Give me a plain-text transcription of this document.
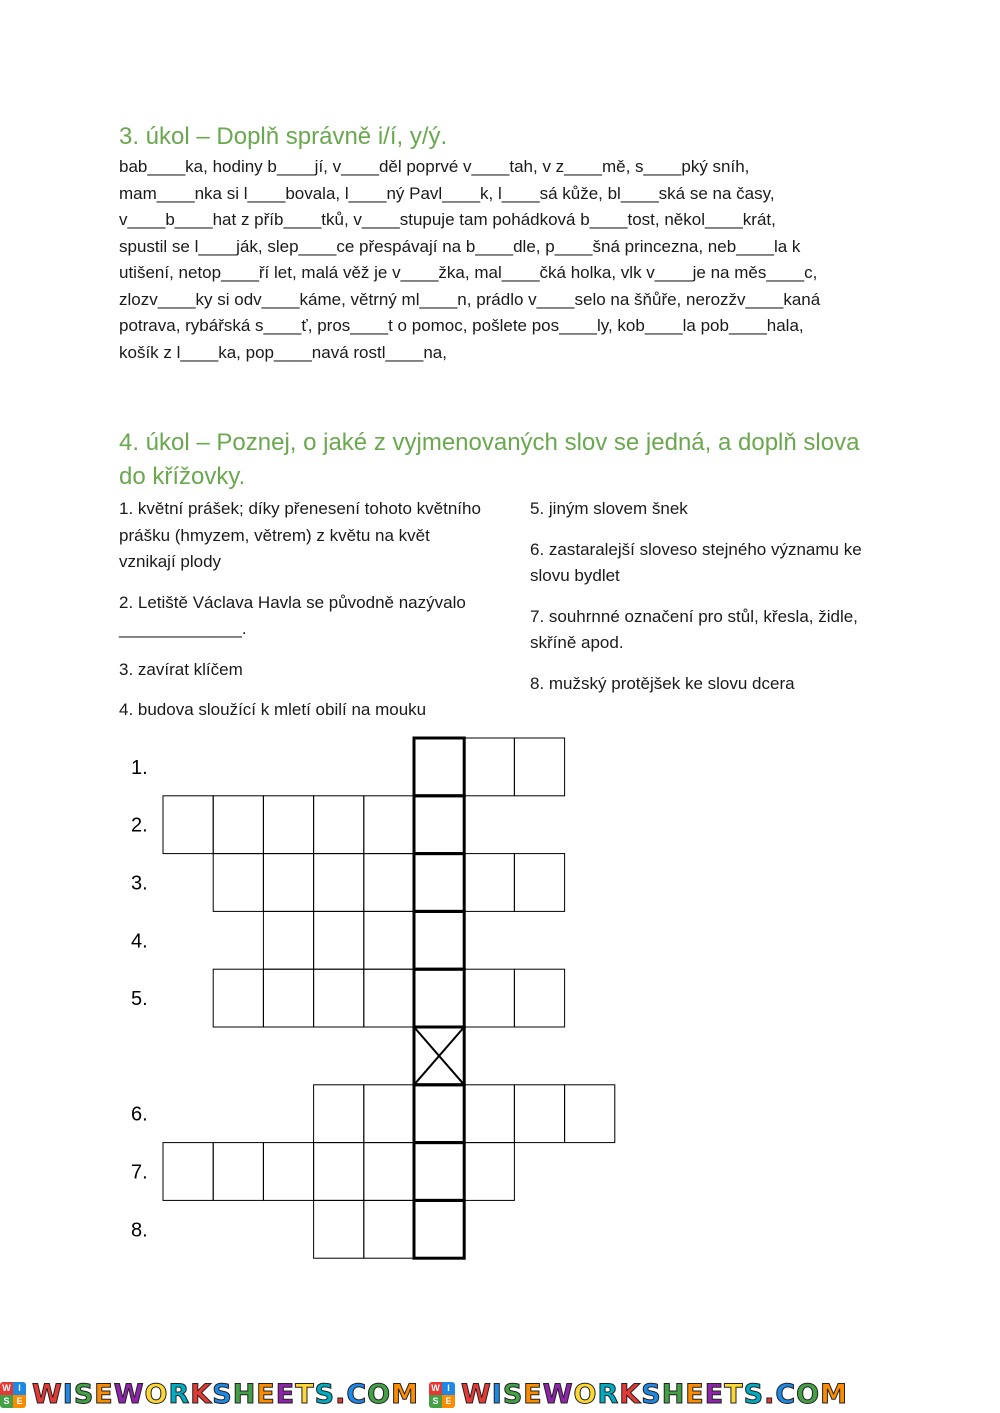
3. úkol – Doplň správně i/í, y/ý.
bab____ka, hodiny b____jí, v____děl poprvé v____tah, v z____mě, s____pký sníh,
mam____nka si l____bovala, l____ný Pavl____k, l____sá kůže, bl____ská se na časy,
v____b____hat z příb____tků, v____stupuje tam pohádková b____tost, někol____krát,
spustil se l____ják, slep____ce přespávají na b____dle, p____šná princezna, neb____la k
utišení, netop____ří let, malá věž je v____žka, mal____čká holka, vlk v____je na měs____c,
zlozv____ky si odv____káme, větrný ml____n, prádlo v____selo na šňůře, nerozžv____kaná
potrava, rybářská s____ť, pros____t o pomoc, pošlete pos____ly, kob____la pob____hala,
košík z l____ka, pop____navá rostl____na,
4. úkol – Poznej, o jaké z vyjmenovaných slov se jedná, a doplň slova do křížovky.

1. květní prášek; díky přenesení tohoto květního prášku (hmyzem, větrem) z květu na květ vznikají plody

2. Letiště Václava Havla se původně nazývalo _____________.

3. zavírat klíčem

4. budova sloužící k mletí obilí na mouku

5. jiným slovem šnek

6. zastaralejší sloveso stejného významu ke slovu bydlet

7. souhrnné označení pro stůl, křesla, židle, skříně apod.

8. mužský protějšek ke slovu dcera

1.
2.
3.
4.
5.
6.
7.
8.
W I
S E WISEWORKSHEETS.COM W I
S E WISEWORKSHEETS.COM
